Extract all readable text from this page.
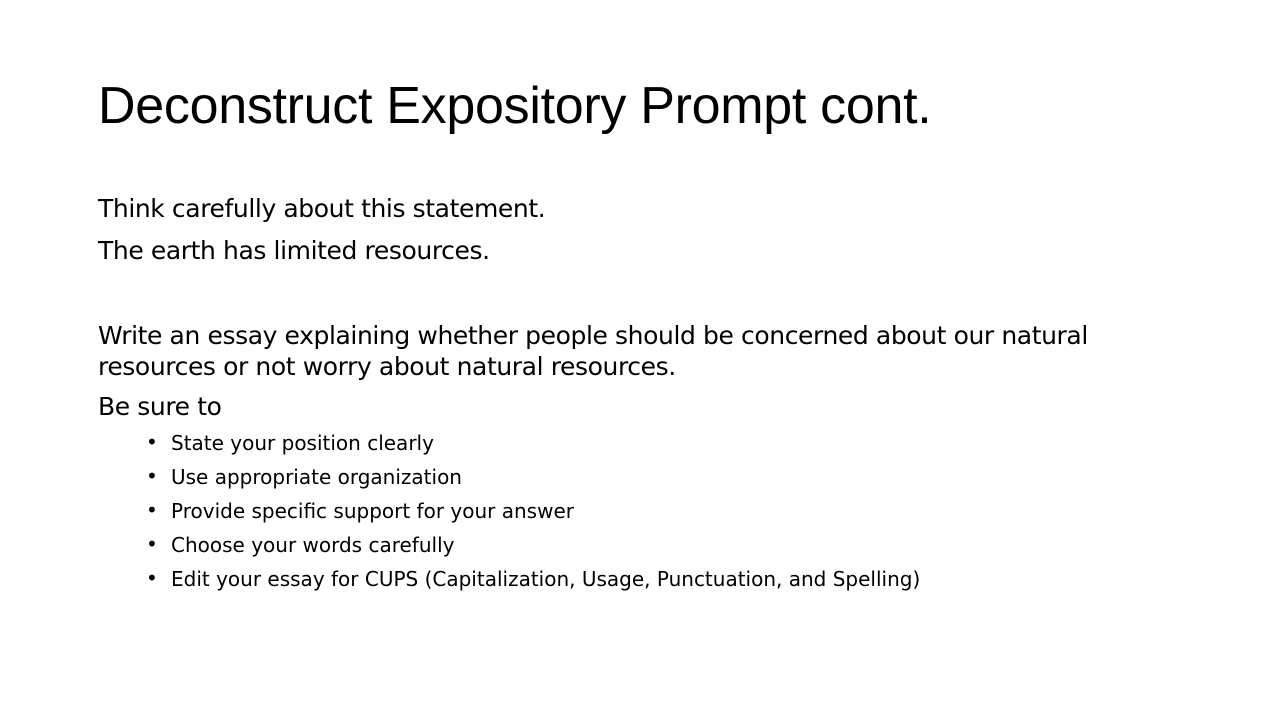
Deconstruct Expository Prompt cont.

Think carefully about this statement.

The earth has limited resources.

Write an essay explaining whether people should be concerned about our natural resources or not worry about natural resources.

Be sure to

• State your position clearly
• Use appropriate organization
• Provide specific support for your answer
• Choose your words carefully
• Edit your essay for CUPS (Capitalization, Usage, Punctuation, and Spelling)
